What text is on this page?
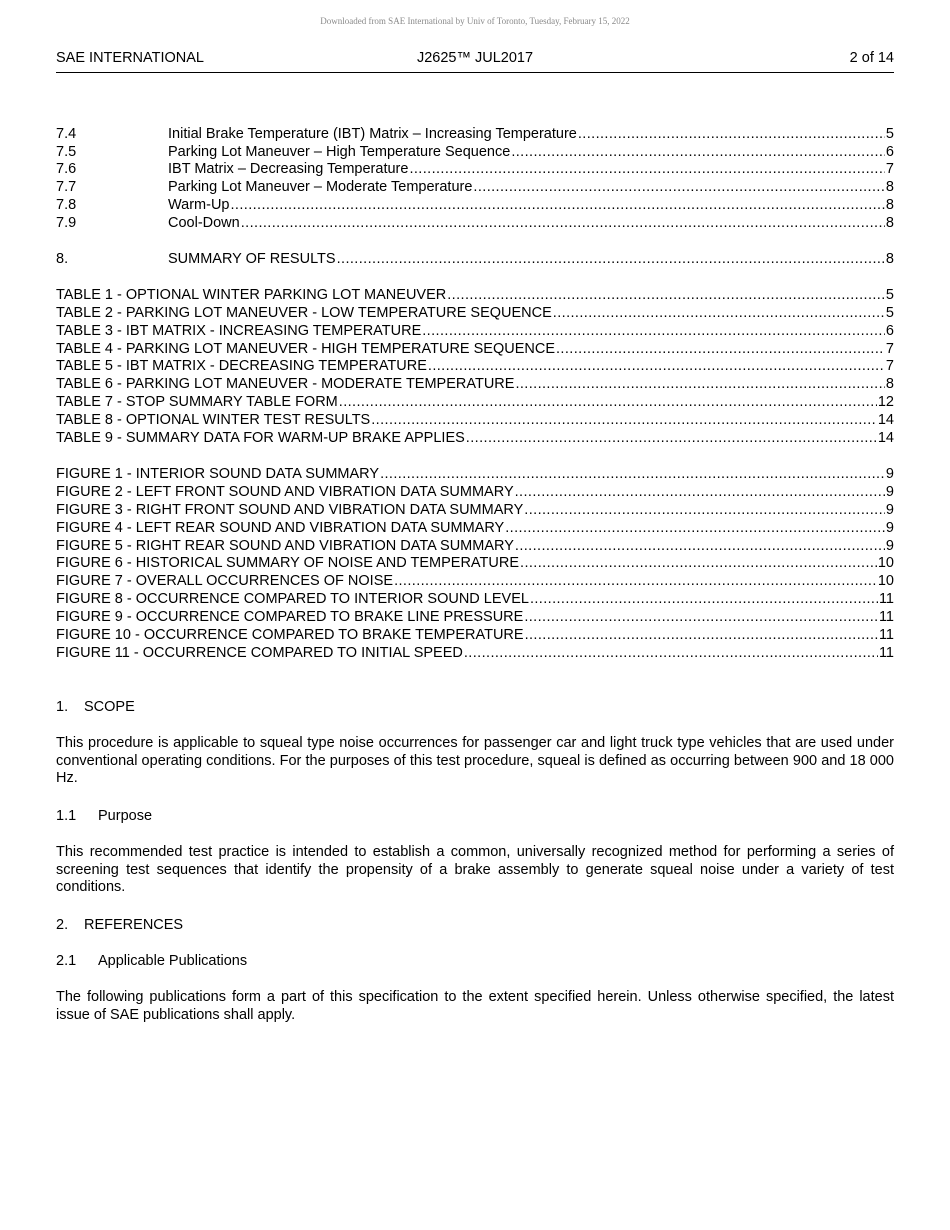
Downloaded from SAE International by Univ of Toronto, Tuesday, February 15, 2022
SAE INTERNATIONAL	J2625™ JUL2017	2 of 14
7.4	Initial Brake Temperature (IBT) Matrix – Increasing Temperature .....	5
7.5	Parking Lot Maneuver – High Temperature Sequence .....	6
7.6	IBT Matrix – Decreasing Temperature .....	7
7.7	Parking Lot Maneuver – Moderate Temperature .....	8
7.8	Warm-Up .....	8
7.9	Cool-Down .....	8
8.	SUMMARY OF RESULTS .....	8
TABLE 1 - OPTIONAL WINTER PARKING LOT MANEUVER .....	5
TABLE 2 - PARKING LOT MANEUVER - LOW TEMPERATURE SEQUENCE .....	5
TABLE 3 - IBT MATRIX - INCREASING TEMPERATURE .....	6
TABLE 4 - PARKING LOT MANEUVER - HIGH TEMPERATURE SEQUENCE .....	7
TABLE 5 - IBT MATRIX - DECREASING TEMPERATURE .....	7
TABLE 6 - PARKING LOT MANEUVER - MODERATE TEMPERATURE .....	8
TABLE 7 - STOP SUMMARY TABLE FORM .....	12
TABLE 8 - OPTIONAL WINTER TEST RESULTS .....	14
TABLE 9 - SUMMARY DATA FOR WARM-UP BRAKE APPLIES .....	14
FIGURE 1 - INTERIOR SOUND DATA SUMMARY .....	9
FIGURE 2 - LEFT FRONT SOUND AND VIBRATION DATA SUMMARY .....	9
FIGURE 3 - RIGHT FRONT SOUND AND VIBRATION DATA SUMMARY .....	9
FIGURE 4 - LEFT REAR SOUND AND VIBRATION DATA SUMMARY .....	9
FIGURE 5 - RIGHT REAR SOUND AND VIBRATION DATA SUMMARY .....	9
FIGURE 6 - HISTORICAL SUMMARY OF NOISE AND TEMPERATURE .....	10
FIGURE 7 - OVERALL OCCURRENCES OF NOISE .....	10
FIGURE 8 - OCCURRENCE COMPARED TO INTERIOR SOUND LEVEL .....	11
FIGURE 9 - OCCURRENCE COMPARED TO BRAKE LINE PRESSURE .....	11
FIGURE 10 - OCCURRENCE COMPARED TO BRAKE TEMPERATURE .....	11
FIGURE 11 - OCCURRENCE COMPARED TO INITIAL SPEED .....	11
1. SCOPE
This procedure is applicable to squeal type noise occurrences for passenger car and light truck type vehicles that are used under conventional operating conditions. For the purposes of this test procedure, squeal is defined as occurring between 900 and 18 000 Hz.
1.1 Purpose
This recommended test practice is intended to establish a common, universally recognized method for performing a series of screening test sequences that identify the propensity of a brake assembly to generate squeal noise under a variety of test conditions.
2. REFERENCES
2.1 Applicable Publications
The following publications form a part of this specification to the extent specified herein. Unless otherwise specified, the latest issue of SAE publications shall apply.
